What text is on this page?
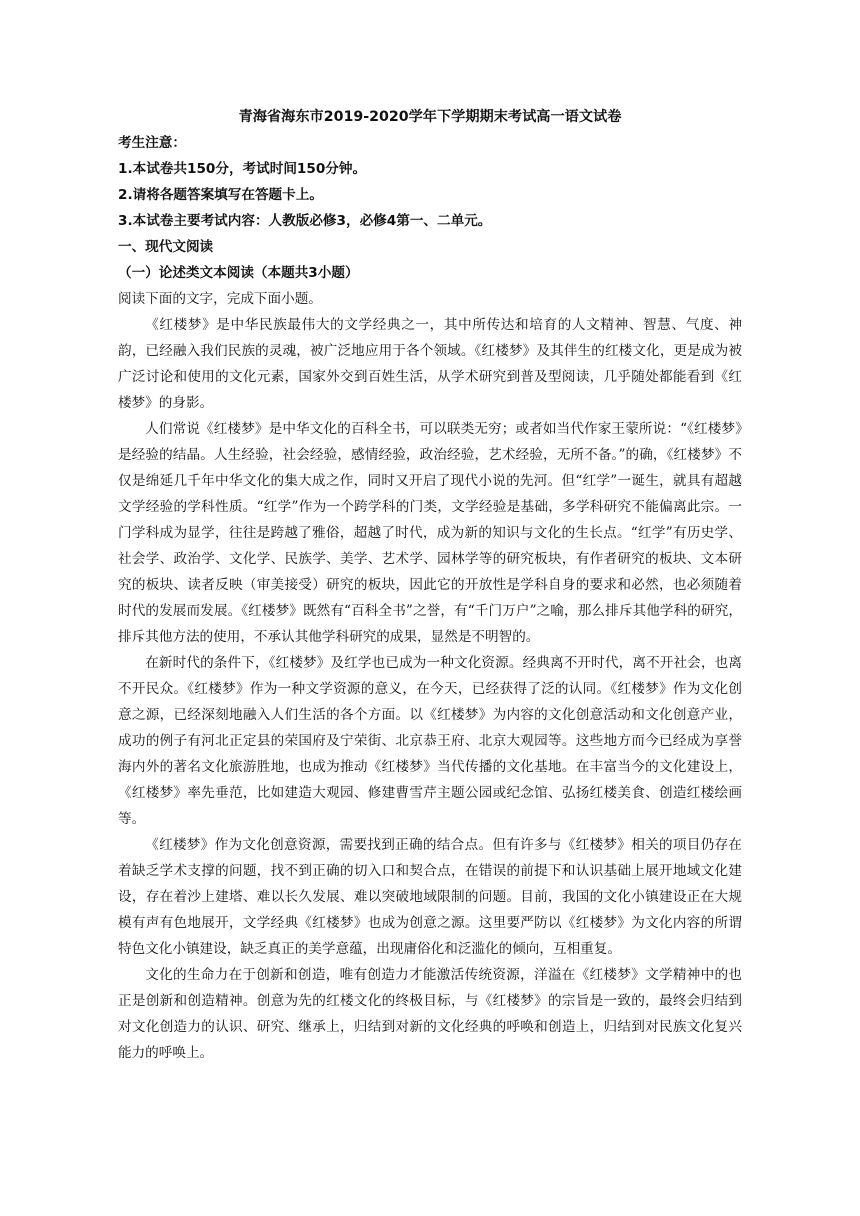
青海省海东市2019-2020学年下学期期末考试高一语文试卷

考生注意：

1.本试卷共150分，考试时间150分钟。

2.请将各题答案填写在答题卡上。

3.本试卷主要考试内容：人教版必修3，必修4第一、二单元。

一、现代文阅读

（一）论述类文本阅读（本题共3小题）

阅读下面的文字，完成下面小题。

《红楼梦》是中华民族最伟大的文学经典之一，其中所传达和培育的人文精神、智慧、气度、神韵，已经融入我们民族的灵魂，被广泛地应用于各个领域。《红楼梦》及其伴生的红楼文化，更是成为被广泛讨论和使用的文化元素，国家外交到百姓生活，从学术研究到普及型阅读，几乎随处都能看到《红楼梦》的身影。

人们常说《红楼梦》是中华文化的百科全书，可以联类无穷；或者如当代作家王蒙所说：“《红楼梦》是经验的结晶。人生经验，社会经验，感情经验，政治经验，艺术经验，无所不备。”的确，《红楼梦》不仅是绵延几千年中华文化的集大成之作，同时又开启了现代小说的先河。但“红学”一诞生，就具有超越文学经验的学科性质。“红学”作为一个跨学科的门类，文学经验是基础，多学科研究不能偏离此宗。一门学科成为显学，往往是跨越了雅俗，超越了时代，成为新的知识与文化的生长点。“红学”有历史学、社会学、政治学、文化学、民族学、美学、艺术学、园林学等的研究板块，有作者研究的板块、文本研究的板块、读者反映（审美接受）研究的板块，因此它的开放性是学科自身的要求和必然，也必须随着时代的发展而发展。《红楼梦》既然有“百科全书”之誉，有“千门万户”之喻，那么排斥其他学科的研究，排斥其他方法的使用，不承认其他学科研究的成果，显然是不明智的。

在新时代的条件下，《红楼梦》及红学也已成为一种文化资源。经典离不开时代，离不开社会，也离不开民众。《红楼梦》作为一种文学资源的意义，在今天，已经获得了泛的认同。《红楼梦》作为文化创意之源，已经深刻地融入人们生活的各个方面。以《红楼梦》为内容的文化创意活动和文化创意产业，成功的例子有河北正定县的荣国府及宁荣街、北京恭王府、北京大观园等。这些地方而今已经成为享誉海内外的著名文化旅游胜地，也成为推动《红楼梦》当代传播的文化基地。在丰富当今的文化建设上，《红楼梦》率先垂范，比如建造大观园、修建曹雪芹主题公园或纪念馆、弘扬红楼美食、创造红楼绘画等。

《红楼梦》作为文化创意资源，需要找到正确的结合点。但有许多与《红楼梦》相关的项目仍存在着缺乏学术支撑的问题，找不到正确的切入口和契合点，在错误的前提下和认识基础上展开地域文化建设，存在着沙上建塔、难以长久发展、难以突破地域限制的问题。目前，我国的文化小镇建设正在大规模有声有色地展开，文学经典《红楼梦》也成为创意之源。这里要严防以《红楼梦》为文化内容的所谓特色文化小镇建设，缺乏真正的美学意蕴，出现庸俗化和泛滥化的倾向，互相重复。

文化的生命力在于创新和创造，唯有创造力才能激活传统资源，洋溢在《红楼梦》文学精神中的也正是创新和创造精神。创意为先的红楼文化的终极目标，与《红楼梦》的宗旨是一致的，最终会归结到对文化创造力的认识、研究、继承上，归结到对新的文化经典的呼唤和创造上，归结到对民族文化复兴能力的呼唤上。
